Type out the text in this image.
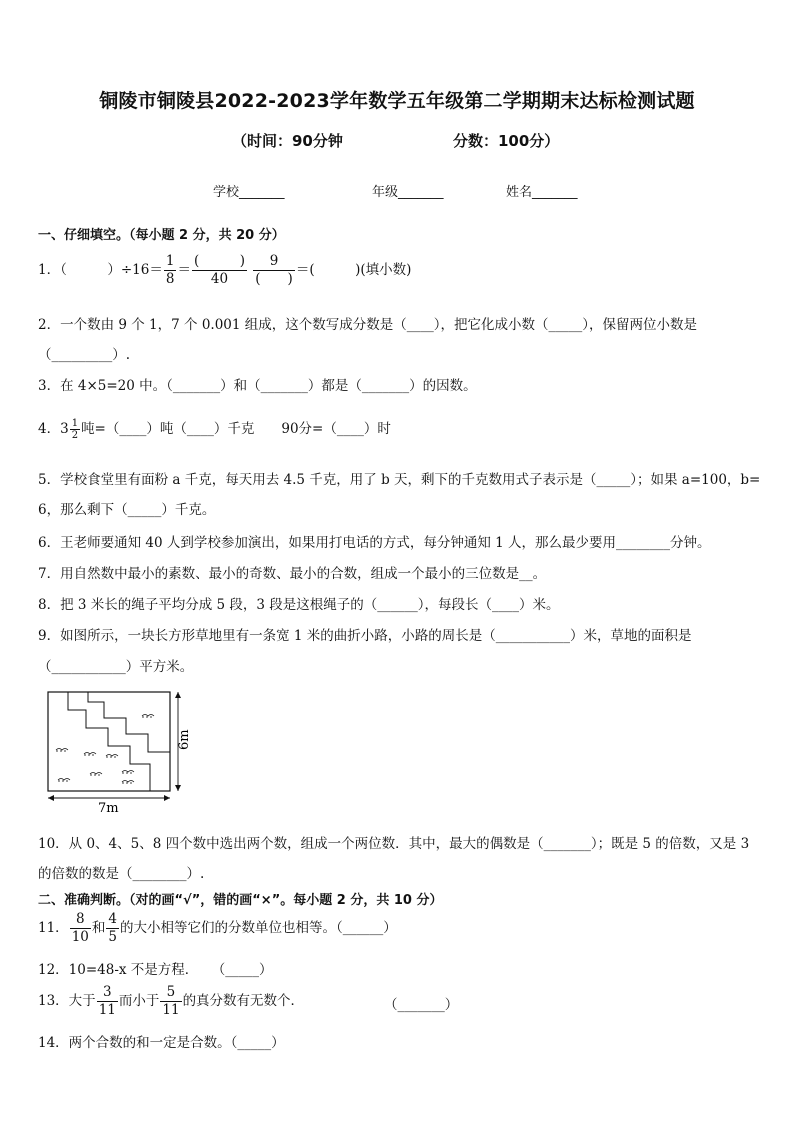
铜陵市铜陵县2022-2023学年数学五年级第二学期期末达标检测试题
（时间：90分钟	分数：100分）
学校_______	年级_______	姓名_______
一、仔细填空。（每小题 2 分，共 20 分）
1．（　　　）$\div 16= \frac{1}{8} = \frac{( )}{40}$
$\frac{9}{( )}$ ＝(　　　)(填小数)
2．一个数由 9 个 1，7 个 0.001 组成，这个数写成分数是（____），把它化成小数（_____），保留两位小数是
（_________）.
3．在 4×5=20 中。（_______）和（_______）都是（_______）的因数。
4．$3 \frac{1}{2}$ 吨=（____）吨（____）千克　　90分=（____）时
5．学校食堂里有面粉 a 千克，每天用去 4.5 千克，用了 b 天，剩下的千克数用式子表示是（_____）；如果 a=100，b=
6，那么剩下（_____）千克。
6．王老师要通知 40 人到学校参加演出，如果用打电话的方式，每分钟通知 1 人，那么最少要用________分钟。
7．用自然数中最小的素数、最小的奇数、最小的合数，组成一个最小的三位数是__。
8．把 3 米长的绳子平均分成 5 段，3 段是这根绳子的（______），每段长（____）米。
9．如图所示，一块长方形草地里有一条宽 1 米的曲折小路，小路的周长是（___________）米，草地的面积是
（___________）平方米。
7m
6m
10．从 0、4、5、8 四个数中选出两个数，组成一个两位数．其中，最大的偶数是（_______）；既是 5 的倍数，又是 3
的倍数的数是（________）.
二、准确判断。（对的画“√”，错的画“×”。每小题 2 分，共 10 分）
11． $\frac{8}{10}$ 和 $\frac{4}{5}$ 的大小相等它们的分数单位也相等。（______）
12．10=48-x 不是方程．　　（_____）
13．大于 $\frac{3}{11}$ 而小于 $\frac{5}{11}$ 的真分数有无数个．	（_______）
14．两个合数的和一定是合数。（_____）
